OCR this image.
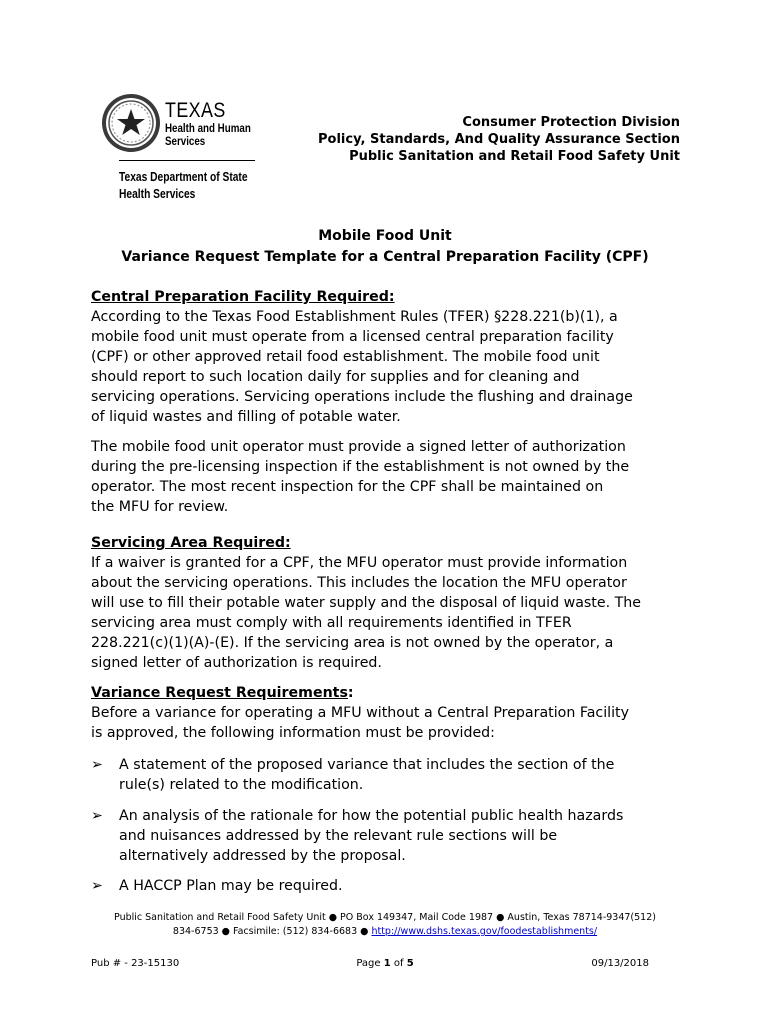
TEXAS
Health and Human
Services
Texas Department of State
Health Services
Consumer Protection Division
Policy, Standards, And Quality Assurance Section
Public Sanitation and Retail Food Safety Unit
Mobile Food Unit
Variance Request Template for a Central Preparation Facility (CPF)
Central Preparation Facility Required:
According to the Texas Food Establishment Rules (TFER) §228.221(b)(1), a
mobile food unit must operate from a licensed central preparation facility
(CPF) or other approved retail food establishment. The mobile food unit
should report to such location daily for supplies and for cleaning and
servicing operations. Servicing operations include the flushing and drainage
of liquid wastes and filling of potable water.
The mobile food unit operator must provide a signed letter of authorization
during the pre-licensing inspection if the establishment is not owned by the
operator. The most recent inspection for the CPF shall be maintained on
the MFU for review.
Servicing Area Required:
If a waiver is granted for a CPF, the MFU operator must provide information
about the servicing operations. This includes the location the MFU operator
will use to fill their potable water supply and the disposal of liquid waste. The
servicing area must comply with all requirements identified in TFER
228.221(c)(1)(A)-(E). If the servicing area is not owned by the operator, a
signed letter of authorization is required.
Variance Request Requirements:
Before a variance for operating a MFU without a Central Preparation Facility
is approved, the following information must be provided:
➢	A statement of the proposed variance that includes the section of the
rule(s) related to the modification.
➢	An analysis of the rationale for how the potential public health hazards
and nuisances addressed by the relevant rule sections will be
alternatively addressed by the proposal.
➢	A HACCP Plan may be required.
Public Sanitation and Retail Food Safety Unit ● PO Box 149347, Mail Code 1987 ● Austin, Texas 78714-9347(512)
834-6753 ● Facsimile: (512) 834-6683 ● http://www.dshs.texas.gov/foodestablishments/
Pub # - 23-15130	Page 1 of 5	09/13/2018
